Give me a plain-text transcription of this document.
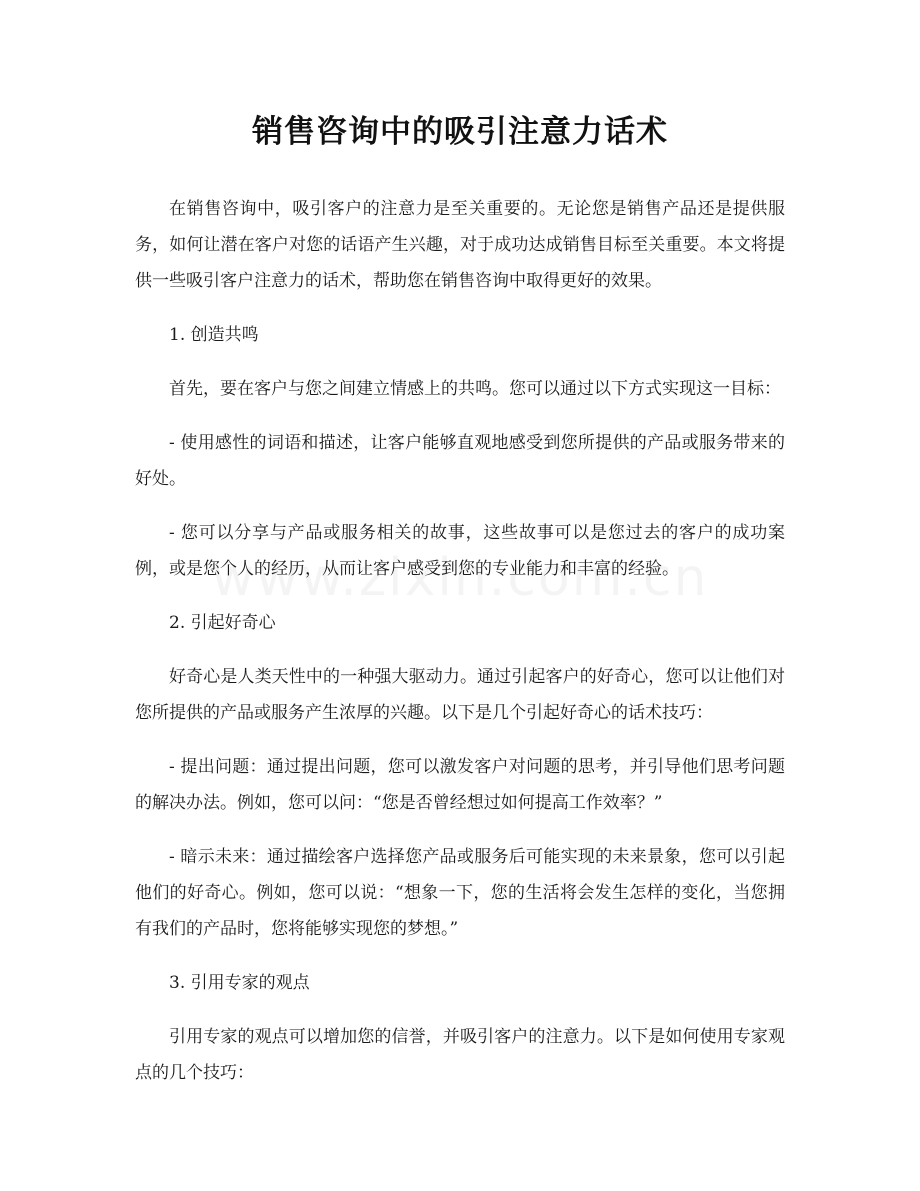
销售咨询中的吸引注意力话术

在销售咨询中，吸引客户的注意力是至关重要的。无论您是销售产品还是提供服务，如何让潜在客户对您的话语产生兴趣，对于成功达成销售目标至关重要。本文将提供一些吸引客户注意力的话术，帮助您在销售咨询中取得更好的效果。

1. 创造共鸣

首先，要在客户与您之间建立情感上的共鸣。您可以通过以下方式实现这一目标：

- 使用感性的词语和描述，让客户能够直观地感受到您所提供的产品或服务带来的好处。

- 您可以分享与产品或服务相关的故事，这些故事可以是您过去的客户的成功案例，或是您个人的经历，从而让客户感受到您的专业能力和丰富的经验。

2. 引起好奇心

好奇心是人类天性中的一种强大驱动力。通过引起客户的好奇心，您可以让他们对您所提供的产品或服务产生浓厚的兴趣。以下是几个引起好奇心的话术技巧：

- 提出问题：通过提出问题，您可以激发客户对问题的思考，并引导他们思考问题的解决办法。例如，您可以问：“您是否曾经想过如何提高工作效率？”

- 暗示未来：通过描绘客户选择您产品或服务后可能实现的未来景象，您可以引起他们的好奇心。例如，您可以说：“想象一下，您的生活将会发生怎样的变化，当您拥有我们的产品时，您将能够实现您的梦想。”

3. 引用专家的观点

引用专家的观点可以增加您的信誉，并吸引客户的注意力。以下是如何使用专家观点的几个技巧：
